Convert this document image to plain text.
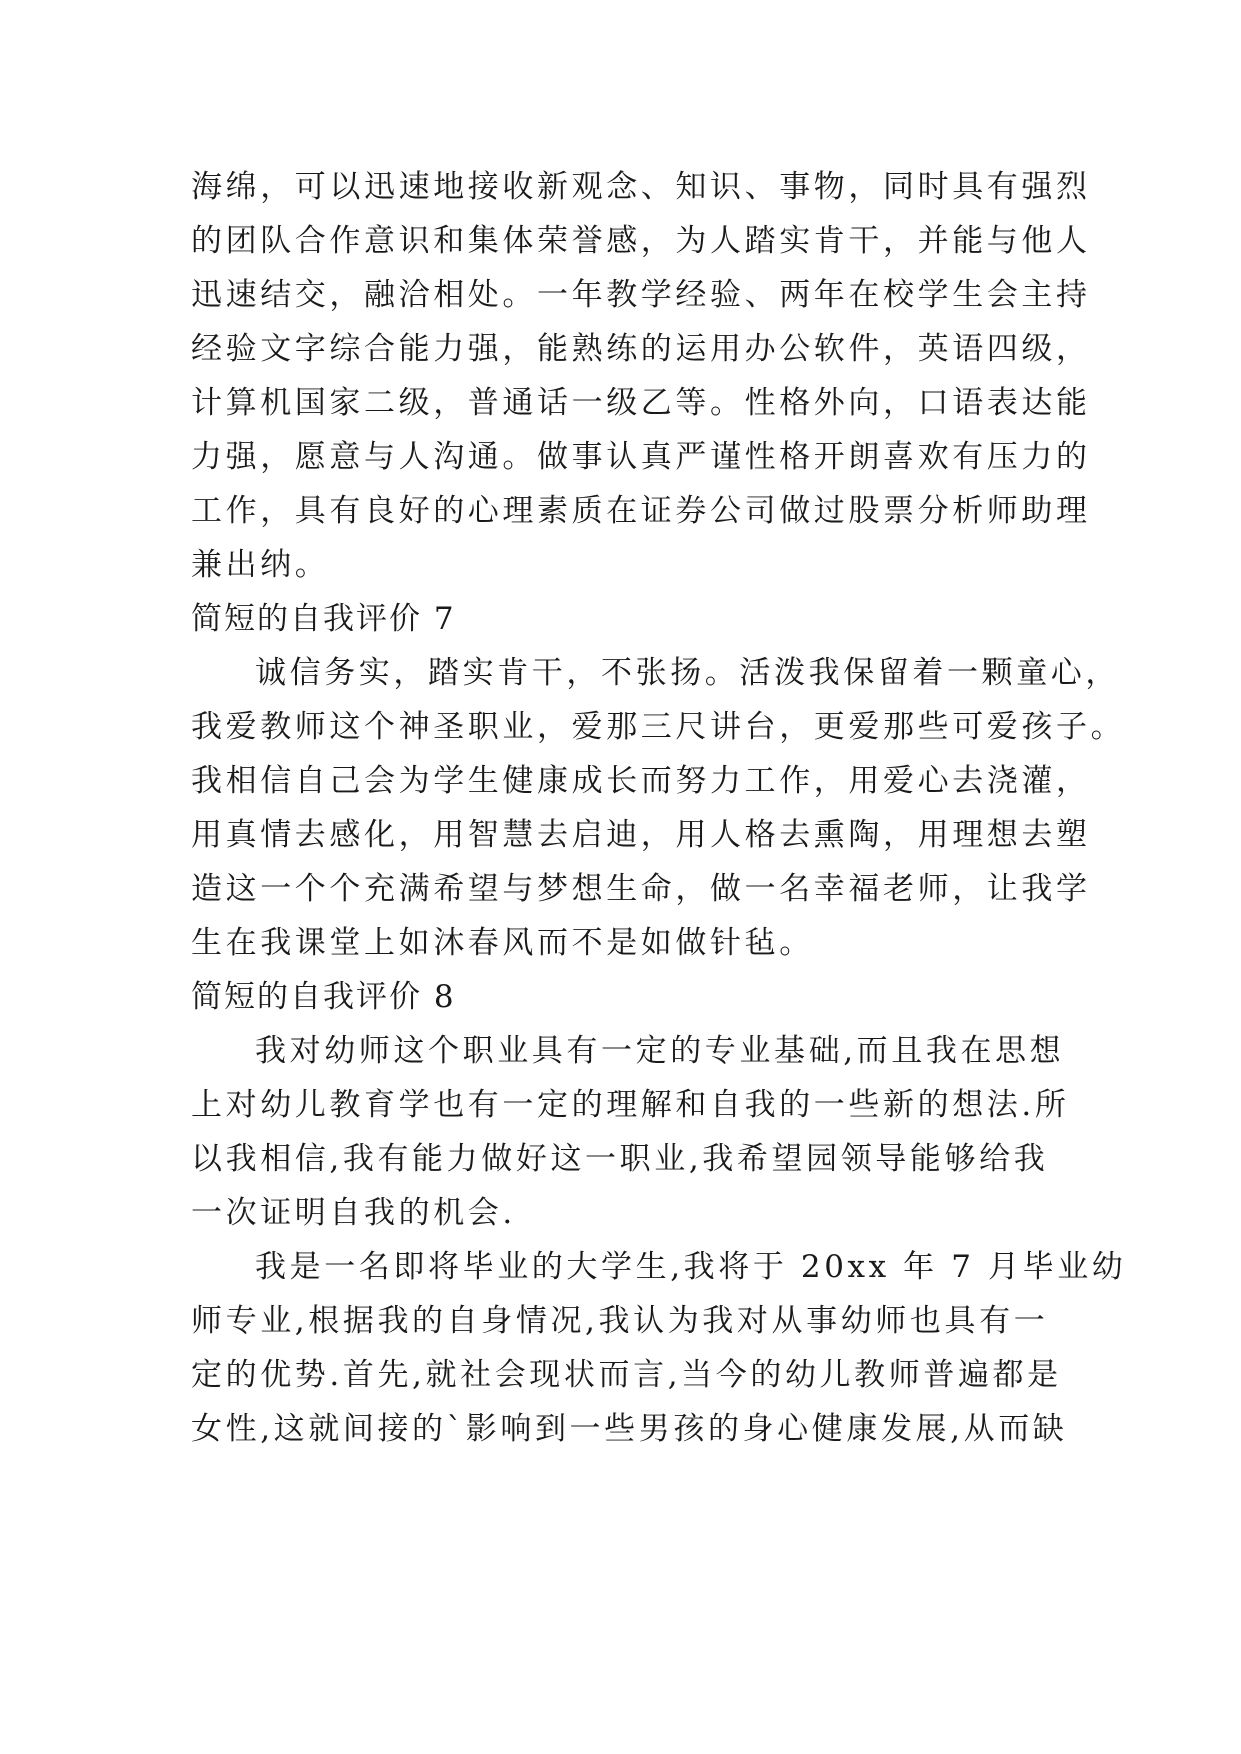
海绵，可以迅速地接收新观念、知识、事物，同时具有强烈
的团队合作意识和集体荣誉感，为人踏实肯干，并能与他人
迅速结交，融洽相处。一年教学经验、两年在校学生会主持
经验文字综合能力强，能熟练的运用办公软件，英语四级，
计算机国家二级，普通话一级乙等。性格外向，口语表达能
力强，愿意与人沟通。做事认真严谨性格开朗喜欢有压力的
工作，具有良好的心理素质在证券公司做过股票分析师助理
兼出纳。
简短的自我评价 7
诚信务实，踏实肯干，不张扬。活泼我保留着一颗童心，
我爱教师这个神圣职业，爱那三尺讲台，更爱那些可爱孩子。
我相信自己会为学生健康成长而努力工作，用爱心去浇灌，
用真情去感化，用智慧去启迪，用人格去熏陶，用理想去塑
造这一个个充满希望与梦想生命，做一名幸福老师，让我学
生在我课堂上如沐春风而不是如做针毡。
简短的自我评价 8
我对幼师这个职业具有一定的专业基础,而且我在思想
上对幼儿教育学也有一定的理解和自我的一些新的想法.所
以我相信,我有能力做好这一职业,我希望园领导能够给我
一次证明自我的机会.
我是一名即将毕业的大学生,我将于 20xx 年 7 月毕业幼
师专业,根据我的自身情况,我认为我对从事幼师也具有一
定的优势.首先,就社会现状而言,当今的幼儿教师普遍都是
女性,这就间接的`影响到一些男孩的身心健康发展,从而缺
